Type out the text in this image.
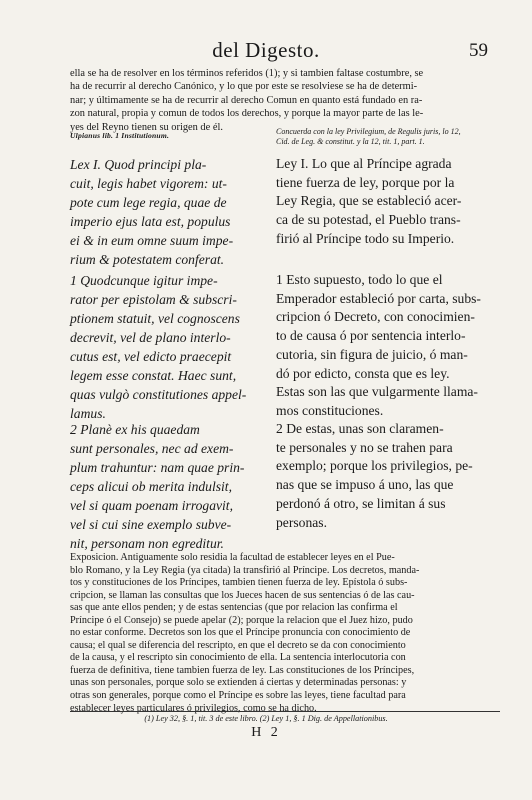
del Digesto.	59
ella se ha de resolver en los términos referidos (1); y si tambien faltase costumbre, se
ha de recurrir al derecho Canónico, y lo que por este se resolviese se ha de determi-
nar; y últimamente se ha de recurrir al derecho Comun en quanto está fundado en ra-
zon natural, propia y comun de todos los derechos, y porque la mayor parte de las le-
yes del Reyno tienen su origen de él.
Ulpianus lib. 1 Institutionum.	Concuerda con la ley Privilegium, de Regulis juris, lo 12,
Cid. de Leg. & constitut. y la 12, tit. 1, part. 1.
Lex I. Quod principi pla-
cuit, legis habet vigorem: ut-
pote cum lege regia, quae de
imperio ejus lata est, populus
ei & in eum omne suum impe-
rium & potestatem conferat.
Ley I. Lo que al Príncipe agrada
tiene fuerza de ley, porque por la
Ley Regia, que se estableció acer-
ca de su potestad, el Pueblo trans-
firió al Príncipe todo su Imperio.
1 Quodcunque igitur impe-
rator per epistolam & subscri-
ptionem statuit, vel cognoscens
decrevit, vel de plano interlo-
cutus est, vel edicto praecepit
legem esse constat. Haec sunt,
quas vulgò constitutiones appel-
lamus.
1 Esto supuesto, todo lo que el
Emperador estableció por carta, subs-
cripcion ó Decreto, con conocimien-
to de causa ó por sentencia interlo-
cutoria, sin figura de juicio, ó man-
dó por edicto, consta que es ley.
Estas son las que vulgarmente llama-
mos constituciones.
2 Planè ex his quaedam
sunt personales, nec ad exem-
plum trahuntur: nam quae prin-
ceps alicui ob merita indulsit,
vel si quam poenam irrogavit,
vel si cui sine exemplo subve-
nit, personam non egreditur.
2 De estas, unas son claramen-
te personales y no se trahen para
exemplo; porque los privilegios, pe-
nas que se impuso á uno, las que
perdonó á otro, se limitan á sus
personas.
Exposicion. Antiguamente solo residia la facultad de establecer leyes en el Pue-
blo Romano, y la Ley Regia (ya citada) la transfirió al Príncipe. Los decretos, manda-
tos y constituciones de los Príncipes, tambien tienen fuerza de ley. Epístola ó subs-
cripcion, se llaman las consultas que los Jueces hacen de sus sentencias ó de las cau-
sas que ante ellos penden; y de estas sentencias (que por relacion las confirma el
Príncipe ó el Consejo) se puede apelar (2); porque la relacion que el Juez hizo, pudo
no estar conforme. Decretos son los que el Príncipe pronuncia con conocimiento de
causa; el qual se diferencia del rescripto, en que el decreto se da con conocimiento
de la causa, y el rescripto sin conocimiento de ella. La sentencia interlocutoria con
fuerza de definitiva, tiene tambien fuerza de ley. Las constituciones de los Príncipes,
unas son personales, porque solo se extienden á ciertas y determinadas personas: y
otras son generales, porque como el Príncipe es sobre las leyes, tiene facultad para
establecer leyes particulares ó privilegios, como se ha dicho.
(1) Ley 32, §. 1, tit. 3 de este libro. (2) Ley 1, §. 1 Dig. de Appellationibus.
H 2
